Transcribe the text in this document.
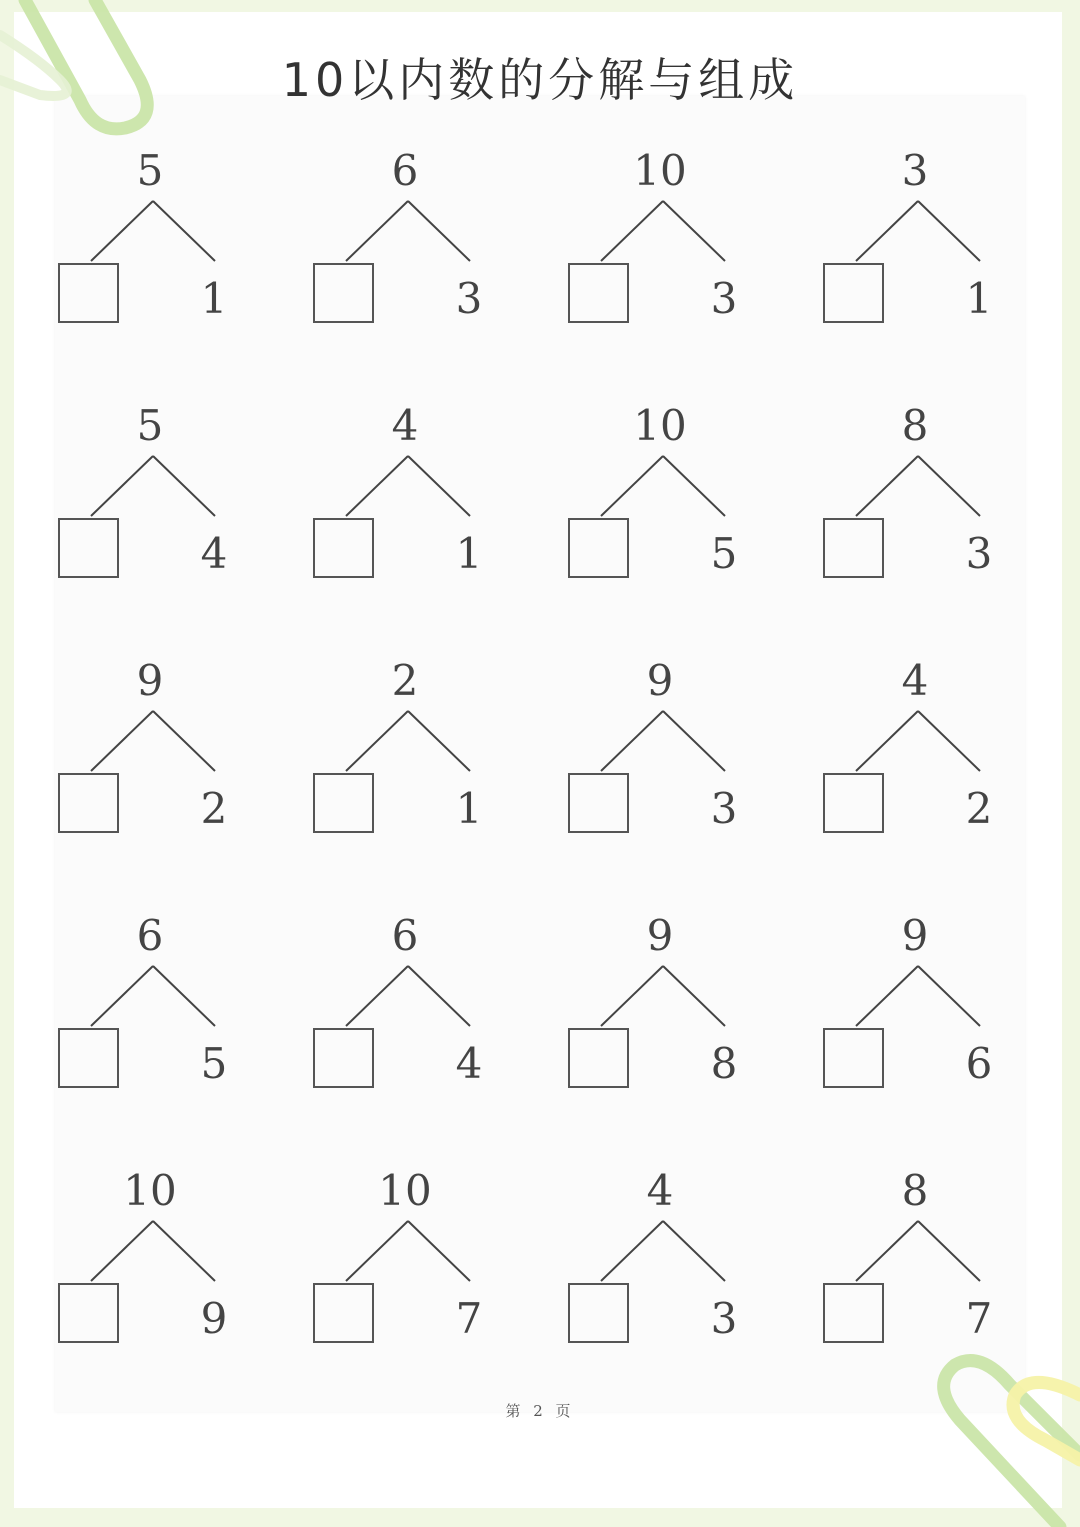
10以内数的分解与组成
5
1
6
3
10
3
3
1
5
4
4
1
10
5
8
3
9
2
2
1
9
3
4
2
6
5
6
4
9
8
9
6
10
9
10
7
4
3
8
7
第 2 页
